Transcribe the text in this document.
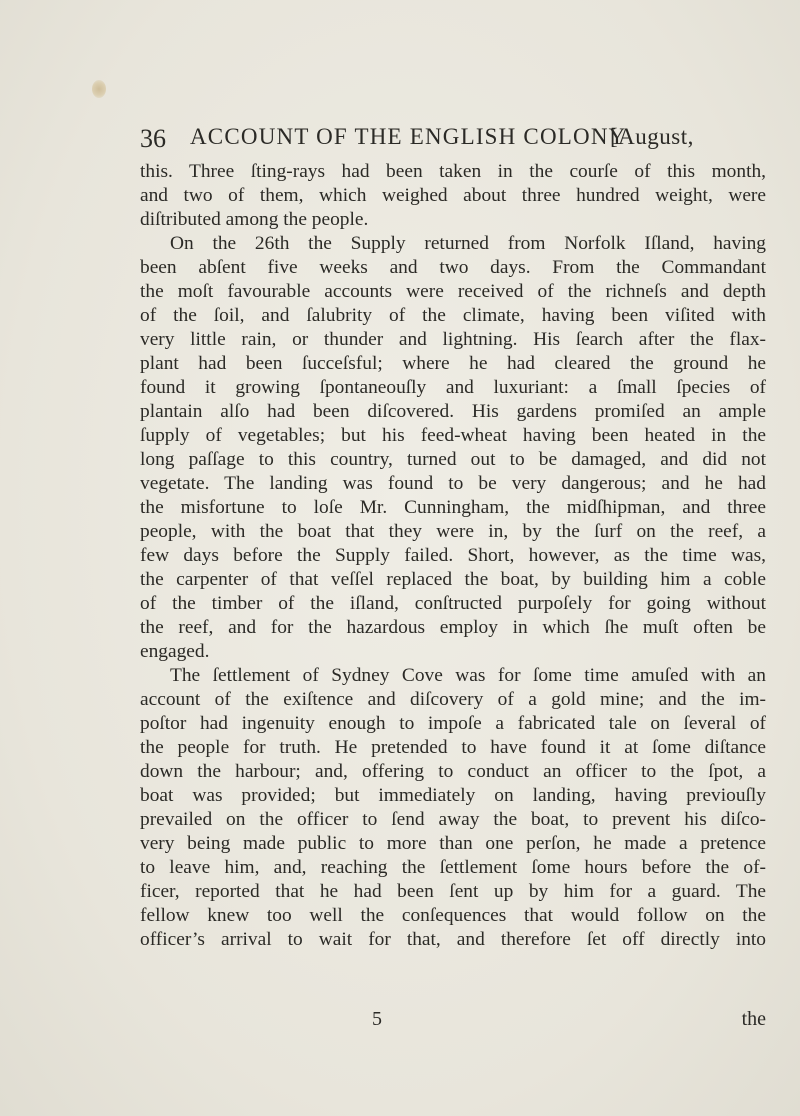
36 ACCOUNT OF THE ENGLISH COLONY
[August,
this. Three ſting-rays had been taken in the courſe of this month,
and two of them, which weighed about three hundred weight, were
diſtributed among the people.
On the 26th the Supply returned from Norfolk Iſland, having
been abſent five weeks and two days. From the Commandant
the moſt favourable accounts were received of the richneſs and depth
of the ſoil, and ſalubrity of the climate, having been viſited with
very little rain, or thunder and lightning. His ſearch after the flax-
plant had been ſucceſsful; where he had cleared the ground he
found it growing ſpontaneouſly and luxuriant: a ſmall ſpecies of
plantain alſo had been diſcovered. His gardens promiſed an ample
ſupply of vegetables; but his feed-wheat having been heated in the
long paſſage to this country, turned out to be damaged, and did not
vegetate. The landing was found to be very dangerous; and he had
the misfortune to loſe Mr. Cunningham, the midſhipman, and three
people, with the boat that they were in, by the ſurf on the reef, a
few days before the Supply failed. Short, however, as the time was,
the carpenter of that veſſel replaced the boat, by building him a coble
of the timber of the iſland, conſtructed purpoſely for going without
the reef, and for the hazardous employ in which ſhe muſt often be
engaged.
The ſettlement of Sydney Cove was for ſome time amuſed with an
account of the exiſtence and diſcovery of a gold mine; and the im-
poſtor had ingenuity enough to impoſe a fabricated tale on ſeveral of
the people for truth. He pretended to have found it at ſome diſtance
down the harbour; and, offering to conduct an officer to the ſpot, a
boat was provided; but immediately on landing, having previouſly
prevailed on the officer to ſend away the boat, to prevent his diſco-
very being made public to more than one perſon, he made a pretence
to leave him, and, reaching the ſettlement ſome hours before the of-
ficer, reported that he had been ſent up by him for a guard. The
fellow knew too well the conſequences that would follow on the
officer’s arrival to wait for that, and therefore ſet off directly into
5	the
